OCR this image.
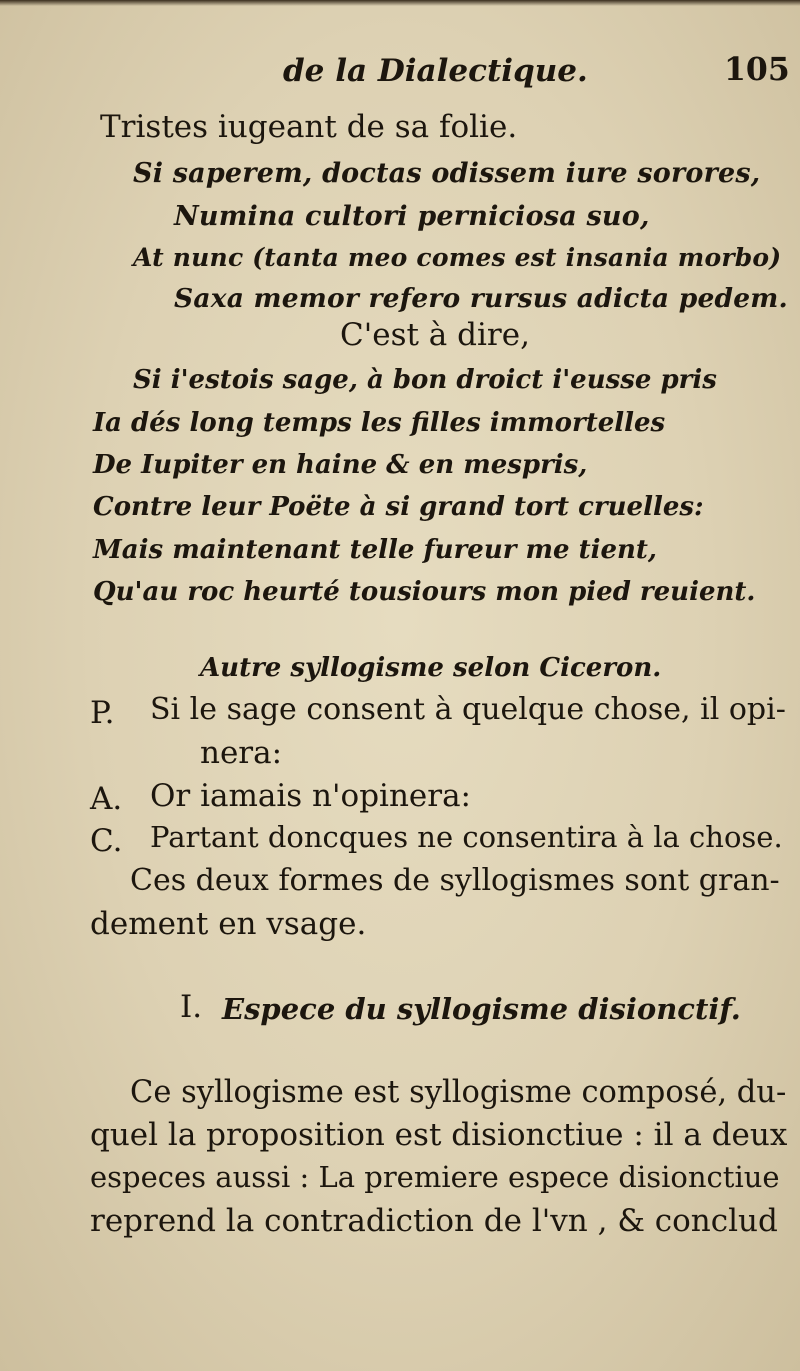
de la Dialectique.	105
Tristes iugeant de sa folie.
Si saperem, doctas odissem iure sorores,
Numina cultori perniciosa suo,
At nunc (tanta meo comes est insania morbo)
Saxa memor refero rursus adicta pedem.
C'est à dire,
Si i'estois sage, à bon droict i'eusse pris
Ia dés long temps les filles immortelles
De Iupiter en haine & en mespris,
Contre leur Poëte à si grand tort cruelles:
Mais maintenant telle fureur me tient,
Qu'au roc heurté tousiours mon pied reuient.
Autre syllogisme selon Ciceron.
P. Si le sage consent à quelque chose, il opi-
nera:
A. Or iamais n'opinera:
C. Partant doncques ne consentira à la chose.
Ces deux formes de syllogismes sont gran-
dement en vsage.
I. Espece du syllogisme disionctif.
Ce syllogisme est syllogisme composé, du-
quel la proposition est disionctiue : il a deux
especes aussi : La premiere espece disionctiue
reprend la contradiction de l'vn , & conclud
